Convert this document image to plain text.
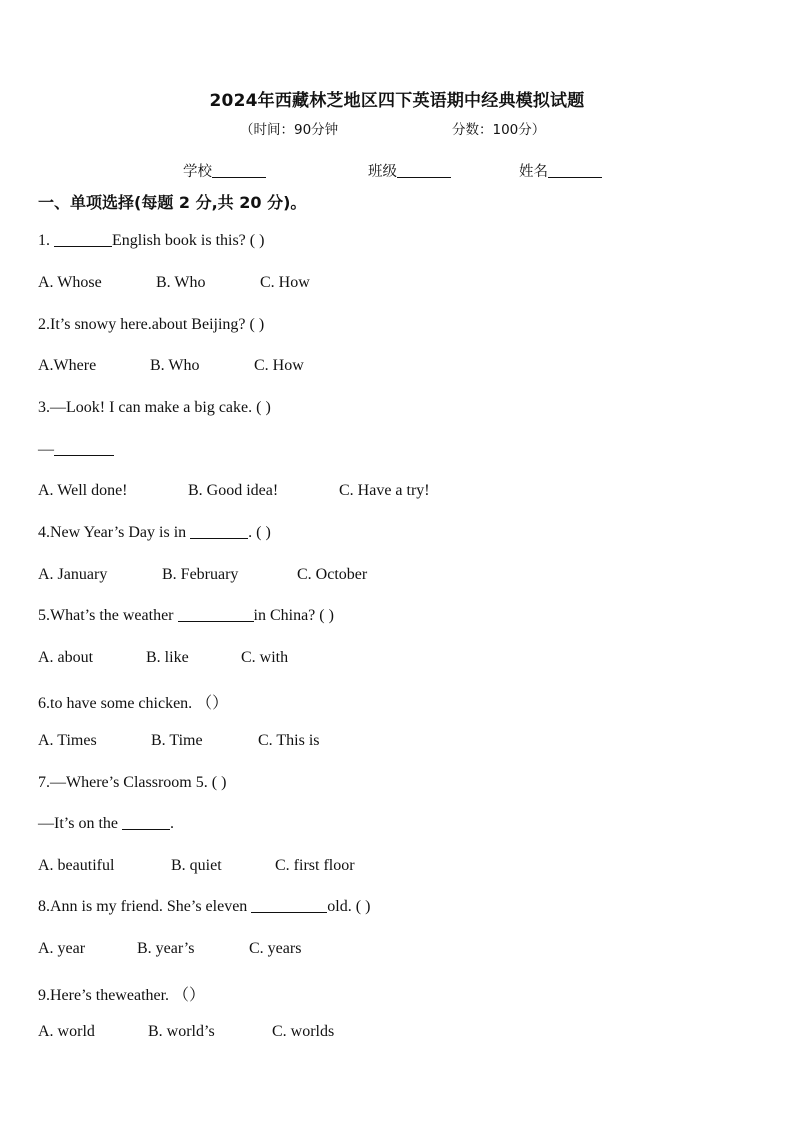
2024年西藏林芝地区四下英语期中经典模拟试题
（时间：90分钟	分数：100分）
学校	班级	姓名
一、单项选择(每题 2 分,共 20 分)。
1.	English book is this? ( )
A. Whose	B. Who	C. How
2.It’s snowy here.about Beijing? ( )
A.Where	B. Who	C. How
3.—Look! I can make a big cake. ( )
—
A. Well done!	B. Good idea!	C. Have a try!
4.New Year’s Day is in	. ( )
A. January	B. February	C. October
5.What’s the weather	in China? ( )
A. about	B. like	C. with
6.to have some chicken. （）
A. Times	B. Time	C. This is
7.—Where’s Classroom 5. ( )
—It’s on the	.
A. beautiful	B. quiet	C. first floor
8.Ann is my friend. She’s eleven	old. ( )
A. year	B. year’s	C. years
9.Here’s theweather. （）
A. world	B. world’s	C. worlds
